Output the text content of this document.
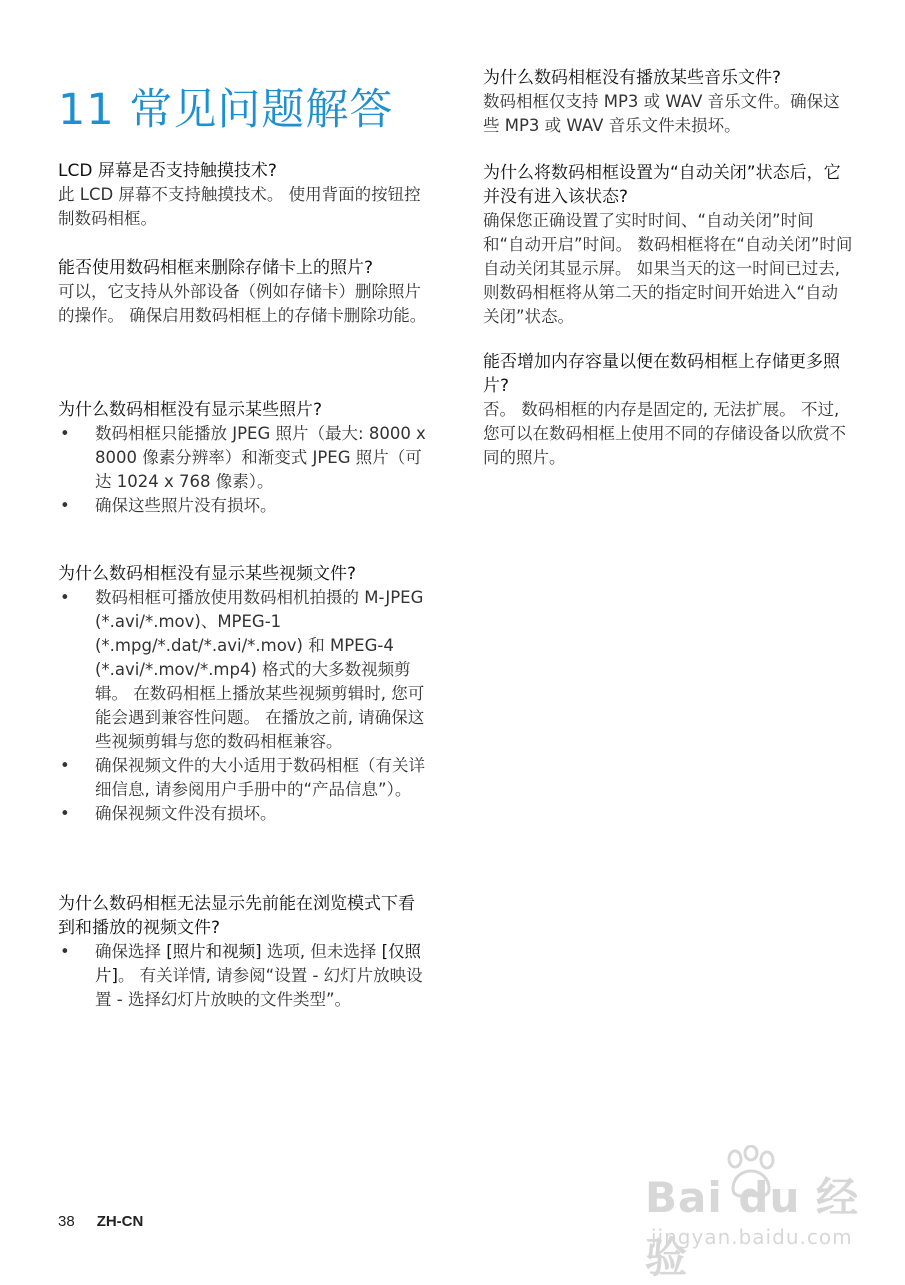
11 常见问题解答

LCD 屏幕是否支持触摸技术?

此 LCD 屏幕不支持触摸技术。 使用背面的按钮控制数码相框。

能否使用数码相框来删除存储卡上的照片?

可以，它支持从外部设备（例如存储卡）删除照片的操作。 确保启用数码相框上的存储卡删除功能。

为什么数码相框没有显示某些照片?

• 数码相框只能播放 JPEG 照片（最大: 8000 x 8000 像素分辨率）和渐变式 JPEG 照片（可达 1024 x 768 像素）。
• 确保这些照片没有损坏。

为什么数码相框没有显示某些视频文件?

• 数码相框可播放使用数码相机拍摄的 M-JPEG (*.avi/*.mov)、MPEG-1 (*.mpg/*.dat/*.avi/*.mov) 和 MPEG-4 (*.avi/*.mov/*.mp4) 格式的大多数视频剪辑。 在数码相框上播放某些视频剪辑时, 您可能会遇到兼容性问题。 在播放之前, 请确保这些视频剪辑与您的数码相框兼容。
• 确保视频文件的大小适用于数码相框（有关详细信息, 请参阅用户手册中的“产品信息”）。
• 确保视频文件没有损坏。

为什么数码相框无法显示先前能在浏览模式下看到和播放的视频文件?

• 确保选择 [照片和视频] 选项, 但未选择 [仅照片]。 有关详情, 请参阅“设置 - 幻灯片放映设置 - 选择幻灯片放映的文件类型”。

为什么数码相框没有播放某些音乐文件?

数码相框仅支持 MP3 或 WAV 音乐文件。确保这些 MP3 或 WAV 音乐文件未损坏。

为什么将数码相框设置为“自动关闭”状态后，它并没有进入该状态?

确保您正确设置了实时时间、“自动关闭”时间和“自动开启”时间。 数码相框将在“自动关闭”时间自动关闭其显示屏。 如果当天的这一时间已过去, 则数码相框将从第二天的指定时间开始进入“自动关闭”状态。

能否增加内存容量以便在数码相框上存储更多照片?

否。 数码相框的内存是固定的, 无法扩展。 不过, 您可以在数码相框上使用不同的存储设备以欣赏不同的照片。

38 ZH-CN	Bai du 经验
jingyan.baidu.com
